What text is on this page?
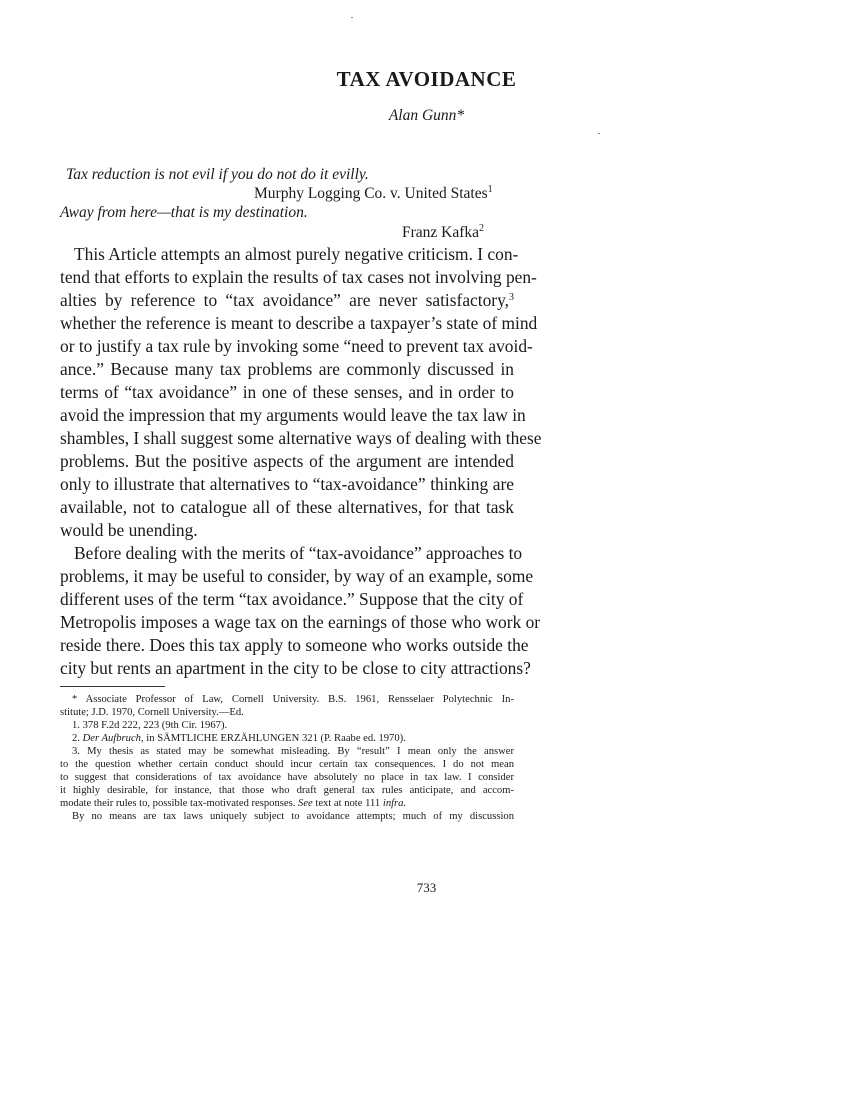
TAX AVOIDANCE
Alan Gunn*
Tax reduction is not evil if you do not do it evilly.
Murphy Logging Co. v. United States$^1$
Away from here—that is my destination.
Franz Kafka$^2$
This Article attempts an almost purely negative criticism. I con-
tend that efforts to explain the results of tax cases not involving pen-
alties by reference to “tax avoidance” are never satisfactory,$^3$
whether the reference is meant to describe a taxpayer’s state of mind
or to justify a tax rule by invoking some “need to prevent tax avoid-
ance.” Because many tax problems are commonly discussed in
terms of “tax avoidance” in one of these senses, and in order to
avoid the impression that my arguments would leave the tax law in
shambles, I shall suggest some alternative ways of dealing with these
problems. But the positive aspects of the argument are intended
only to illustrate that alternatives to “tax-avoidance” thinking are
available, not to catalogue all of these alternatives, for that task
would be unending.
Before dealing with the merits of “tax-avoidance” approaches to
problems, it may be useful to consider, by way of an example, some
different uses of the term “tax avoidance.” Suppose that the city of
Metropolis imposes a wage tax on the earnings of those who work or
reside there. Does this tax apply to someone who works outside the
city but rents an apartment in the city to be close to city attractions?
* Associate Professor of Law, Cornell University. B.S. 1961, Rensselaer Polytechnic In-
stitute; J.D. 1970, Cornell University.—Ed.
1. 378 F.2d 222, 223 (9th Cir. 1967).
2. Der Aufbruch, in SÄMTLICHE ERZÄHLUNGEN 321 (P. Raabe ed. 1970).
3. My thesis as stated may be somewhat misleading. By “result” I mean only the answer
to the question whether certain conduct should incur certain tax consequences. I do not mean
to suggest that considerations of tax avoidance have absolutely no place in tax law. I consider
it highly desirable, for instance, that those who draft general tax rules anticipate, and accom-
modate their rules to, possible tax-motivated responses. See text at note 111 infra.
By no means are tax laws uniquely subject to avoidance attempts; much of my discussion
733
